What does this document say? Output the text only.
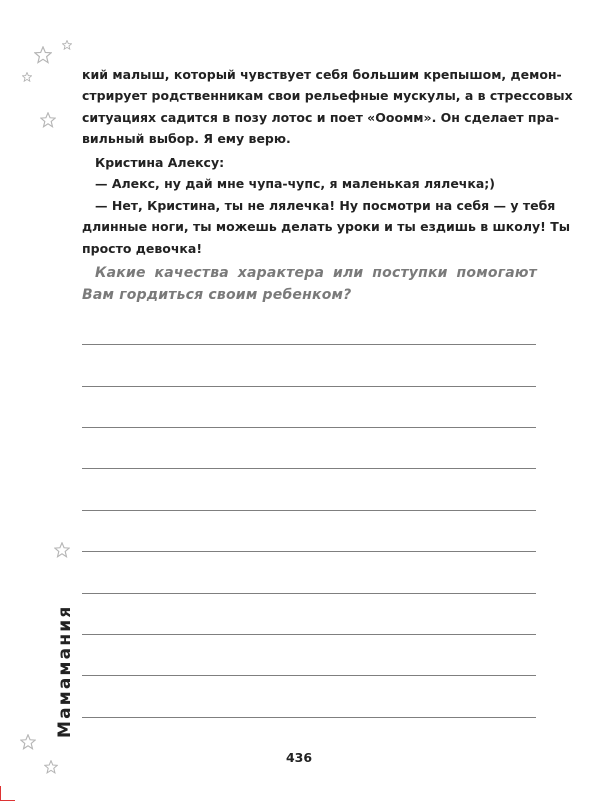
кий малыш, который чувствует себя большим крепышом, демон-
стрирует родственникам свои рельефные мускулы, а в стрессовых
ситуациях садится в позу лотос и поет «Ооомм». Он сделает пра-
вильный выбор. Я ему верю.
Кристина Алексу:
— Алекс, ну дай мне чупа-чупс, я маленькая лялечка;)
— Нет, Кристина, ты не лялечка! Ну посмотри на себя — у тебя
длинные ноги, ты можешь делать уроки и ты ездишь в школу! Ты
просто девочка!
Какие качества характера или поступки помогают
Вам гордиться своим ребенком?
Мамамания
436
